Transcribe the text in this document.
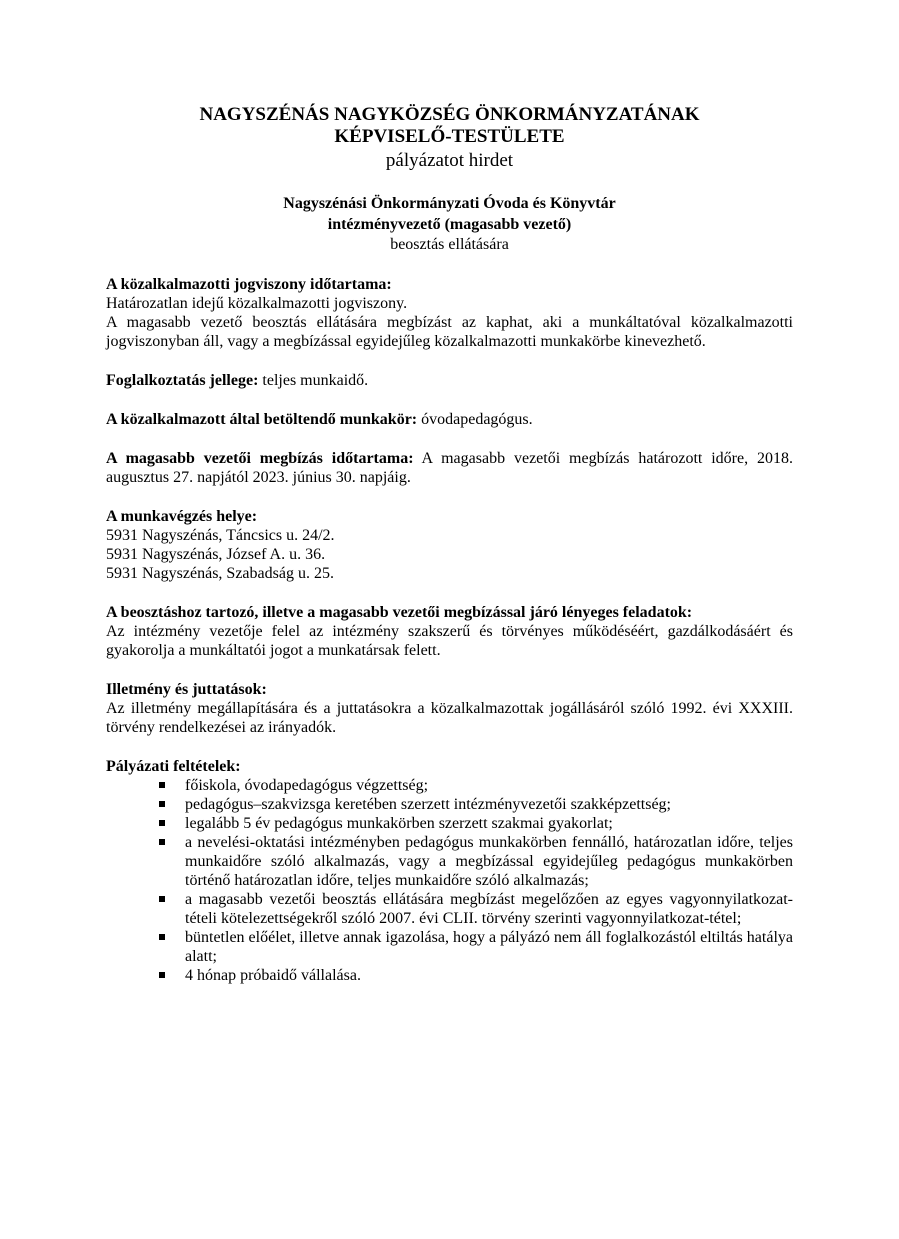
NAGYSZÉNÁS NAGYKÖZSÉG ÖNKORMÁNYZATÁNAK
KÉPVISELŐ-TESTÜLETE
pályázatot hirdet
Nagyszénási Önkormányzati Óvoda és Könyvtár
intézményvezető (magasabb vezető)
beosztás ellátására

A közalkalmazotti jogviszony időtartama:

Határozatlan idejű közalkalmazotti jogviszony.

A magasabb vezető beosztás ellátására megbízást az kaphat, aki a munkáltatóval közalkalmazotti jogviszonyban áll, vagy a megbízással egyidejűleg közalkalmazotti munkakörbe kinevezhető.

Foglalkoztatás jellege: teljes munkaidő.

A közalkalmazott által betöltendő munkakör: óvodapedagógus.

A magasabb vezetői megbízás időtartama: A magasabb vezetői megbízás határozott időre, 2018. augusztus 27. napjától 2023. június 30. napjáig.

A munkavégzés helye:

5931 Nagyszénás, Táncsics u. 24/2.

5931 Nagyszénás, József A. u. 36.

5931 Nagyszénás, Szabadság u. 25.

A beosztáshoz tartozó, illetve a magasabb vezetői megbízással járó lényeges feladatok:

Az intézmény vezetője felel az intézmény szakszerű és törvényes működéséért, gazdálkodásáért és gyakorolja a munkáltatói jogot a munkatársak felett.

Illetmény és juttatások:

Az illetmény megállapítására és a juttatásokra a közalkalmazottak jogállásáról szóló 1992. évi XXXIII. törvény rendelkezései az irányadók.

Pályázati feltételek:

főiskola, óvodapedagógus végzettség;
pedagógus–szakvizsga keretében szerzett intézményvezetői szakképzettség;
legalább 5 év pedagógus munkakörben szerzett szakmai gyakorlat;
a nevelési-oktatási intézményben pedagógus munkakörben fennálló, határozatlan időre, teljes munkaidőre szóló alkalmazás, vagy a megbízással egyidejűleg pedagógus munkakörben történő határozatlan időre, teljes munkaidőre szóló alkalmazás;
a magasabb vezetői beosztás ellátására megbízást megelőzően az egyes vagyonnyilatkozat-tételi kötelezettségekről szóló 2007. évi CLII. törvény szerinti vagyonnyilatkozat-tétel;
büntetlen előélet, illetve annak igazolása, hogy a pályázó nem áll foglalkozástól eltiltás hatálya alatt;
4 hónap próbaidő vállalása.
